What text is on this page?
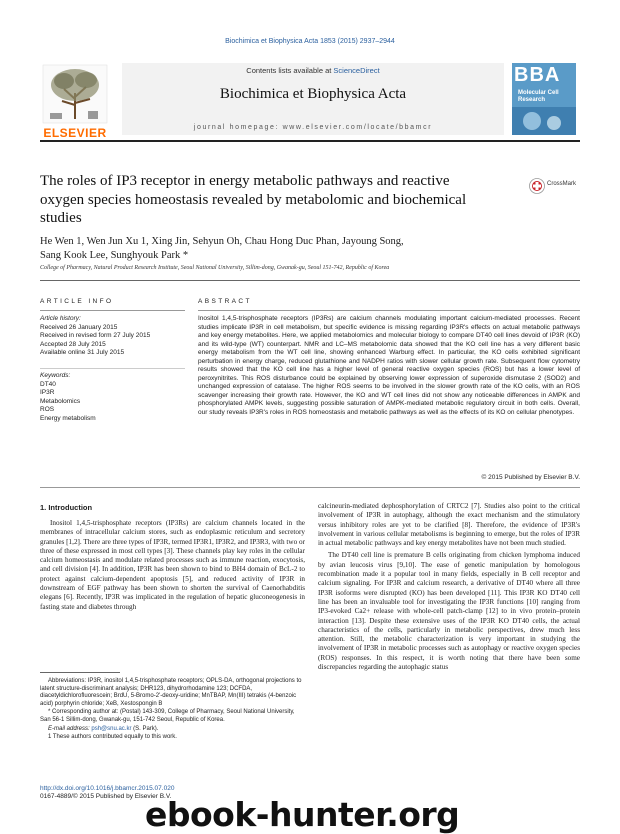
Biochimica et Biophysica Acta 1853 (2015) 2937–2944
ELSEVIER
Contents lists available at ScienceDirect
Biochimica et Biophysica Acta
journal homepage: www.elsevier.com/locate/bbamcr
BBA
Molecular Cell Research
The roles of IP3 receptor in energy metabolic pathways and reactive oxygen species homeostasis revealed by metabolomic and biochemical studies
CrossMark
He Wen 1, Wen Jun Xu 1, Xing Jin, Sehyun Oh, Chau Hong Duc Phan, Jayoung Song,
Sang Kook Lee, Sunghyouk Park *
College of Pharmacy, Natural Product Research Institute, Seoul National University, Sillim-dong, Gwanak-gu, Seoul 151-742, Republic of Korea
ARTICLE INFO	ABSTRACT
Article history:
Received 26 January 2015
Received in revised form 27 July 2015
Accepted 28 July 2015
Available online 31 July 2015
Keywords:
DT40
IP3R
Metabolomics
ROS
Energy metabolism
Inositol 1,4,5-trisphosphate receptors (IP3Rs) are calcium channels modulating important calcium-mediated processes. Recent studies implicate IP3R in cell metabolism, but specific evidence is missing regarding IP3R's effects on actual metabolic pathways and key energy metabolites. Here, we applied metabolomics and molecular biology to compare DT40 cell lines devoid of IP3R (KO) and its wild-type (WT) counterpart. NMR and LC–MS metabolomic data showed that the KO cell line has a very different basic energy metabolism from the WT cell line, showing enhanced Warburg effect. In particular, the KO cells exhibited significant perturbation in energy charge, reduced glutathione and NADPH ratios with slower cellular growth rate. Subsequent flow cytometry results showed that the KO cell line has a higher level of general reactive oxygen species (ROS) but has a lower level of peroxynitrites. This ROS disturbance could be explained by observing lower expression of superoxide dismutase 2 (SOD2) and unchanged expression of catalase. The higher ROS seems to be involved in the slower growth rate of the KO cells, with an ROS scavenger increasing their growth rate. However, the KO and WT cell lines did not show any noticeable differences in AMPK and phosphorylated AMPK levels, suggesting possible saturation of AMPK-mediated metabolic regulatory circuit in both cells. Overall, our study reveals IP3R's roles in ROS homeostasis and metabolic pathways as well as the effects of its KO on cellular phenotypes.
© 2015 Published by Elsevier B.V.
1. Introduction
Inositol 1,4,5-trisphosphate receptors (IP3Rs) are calcium channels located in the membranes of intracellular calcium stores, such as endoplasmic reticulum and secretory granules [1,2]. There are three types of IP3R, termed IP3R1, IP3R2, and IP3R3, with two or three of these expressed in most cell types [3]. These channels play key roles in the cellular calcium homeostasis and modulate related processes such as immune reaction, exocytosis, and cell division [4]. In addition, IP3R has been shown to bind to BH4 domain of BcL-2 to protect against calcium-dependent apoptosis [5], and reduced activity of IP3R in downstream of EGF pathway has been shown to shorten the survival of Caenorhabditis elegans [6]. Recently, IP3R was implicated in the regulation of hepatic gluconeogenesis in fasting state and diabetes through

calcineurin-mediated dephosphorylation of CRTC2 [7]. Studies also point to the critical involvement of IP3R in autophagy, although the exact mechanism and the stimulatory versus inhibitory roles are yet to be clarified [8]. Therefore, the evidence of IP3R's involvement in various cellular metabolisms is beginning to emerge, but the roles of IP3R in actual metabolic pathways and key energy metabolites have not been much studied.

The DT40 cell line is premature B cells originating from chicken lymphoma induced by avian leucosis virus [9,10]. The ease of genetic manipulation by homologous recombination made it a popular tool in many fields, especially in B cell receptor and calcium signaling. For IP3R and calcium research, a derivative of DT40 where all three IP3R isoforms were disrupted (KO) has been developed [11]. This IP3R KO DT40 cell line has been an invaluable tool for investigating the IP3R functions [10] ranging from IP3-evoked Ca2+ release with whole-cell patch-clamp [12] to in vivo protein–protein interaction [13]. Despite these extensive uses of the IP3R KO DT40 cells, the actual characteristics of the cells, particularly in metabolic perspectives, drew much less attention. Still, the metabolic characterization is very important in studying the involvement of IP3R in metabolic processes such as autophagy or reactive oxygen species (ROS) responses. In this respect, it is worth noting that there have been some discrepancies regarding the autophagic status

Abbreviations: IP3R, inositol 1,4,5-trisphosphate receptors; OPLS-DA, orthogonal projections to latent structure-discriminant analysis; DHR123, dihydrorhodamine 123; DCFDA, diacetyldichlorofluorescein; BrdU, 5-Bromo-2'-deoxy-uridine; MnTBAP, Mn(III) tetrakis (4-benzoic acid) porphyrin chloride; XeB, Xestospongin B

* Corresponding author at: (Postal) 143-309, College of Pharmacy, Seoul National University, San 56-1 Sillim-dong, Gwanak-gu, 151-742 Seoul, Republic of Korea.

E-mail address: psh@snu.ac.kr (S. Park).

1 These authors contributed equally to this work.

http://dx.doi.org/10.1016/j.bbamcr.2015.07.020
0167-4889/© 2015 Published by Elsevier B.V.
ebook-hunter.org
